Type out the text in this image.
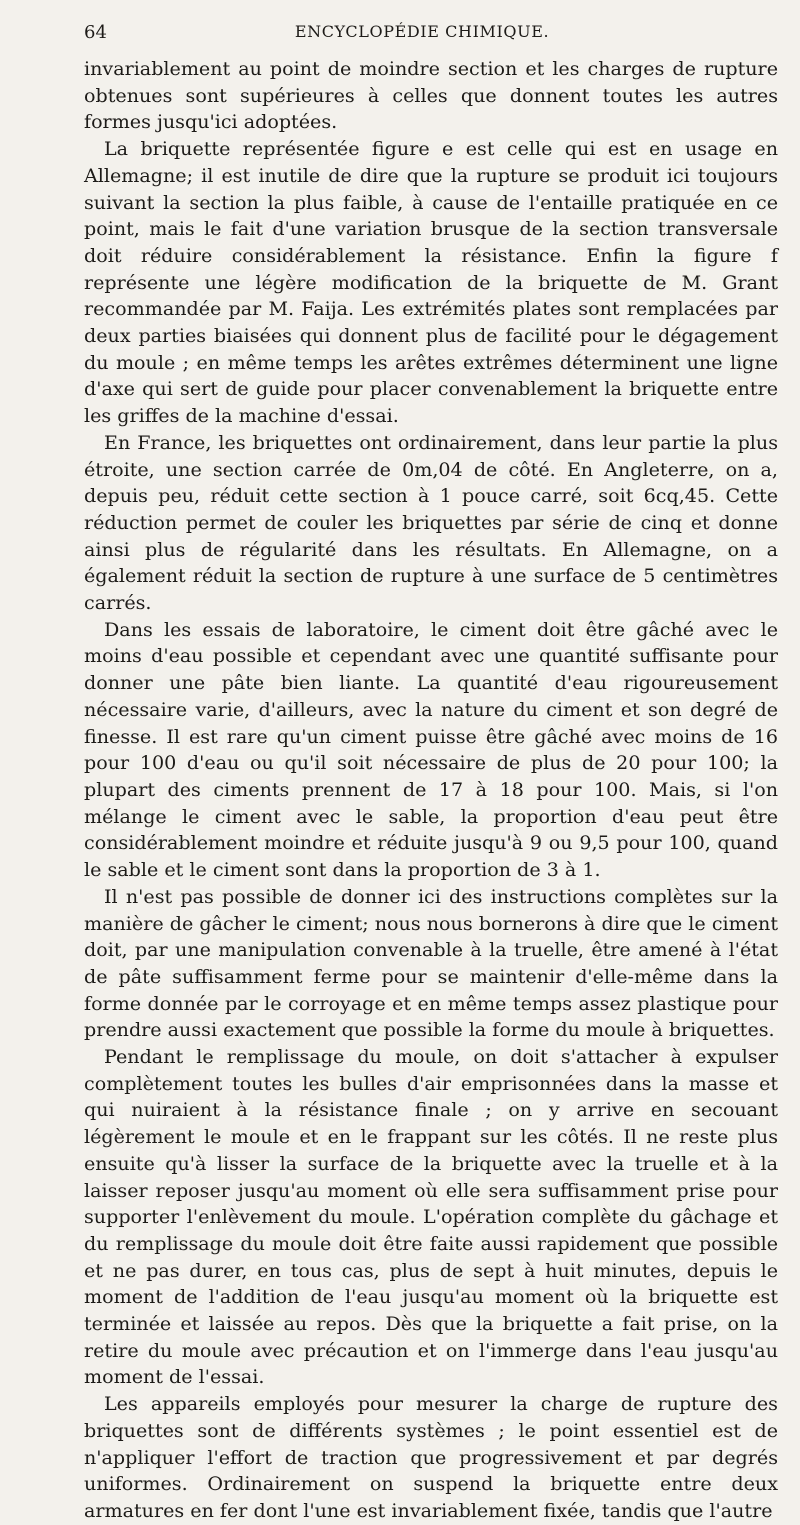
64	ENCYCLOPÉDIE CHIMIQUE.

invariablement au point de moindre section et les charges de rupture obtenues sont supérieures à celles que donnent toutes les autres formes jusqu'ici adoptées.

La briquette représentée figure e est celle qui est en usage en Allemagne; il est inutile de dire que la rupture se produit ici toujours suivant la section la plus faible, à cause de l'entaille pratiquée en ce point, mais le fait d'une variation brusque de la section transversale doit réduire considérablement la résistance. Enfin la figure f représente une légère modification de la briquette de M. Grant recommandée par M. Faija. Les extrémités plates sont remplacées par deux parties biaisées qui donnent plus de facilité pour le dégagement du moule ; en même temps les arêtes extrêmes déterminent une ligne d'axe qui sert de guide pour placer convenablement la briquette entre les griffes de la machine d'essai.

En France, les briquettes ont ordinairement, dans leur partie la plus étroite, une section carrée de 0m,04 de côté. En Angleterre, on a, depuis peu, réduit cette section à 1 pouce carré, soit 6cq,45. Cette réduction permet de couler les briquettes par série de cinq et donne ainsi plus de régularité dans les résultats. En Allemagne, on a également réduit la section de rupture à une surface de 5 centimètres carrés.

Dans les essais de laboratoire, le ciment doit être gâché avec le moins d'eau possible et cependant avec une quantité suffisante pour donner une pâte bien liante. La quantité d'eau rigoureusement nécessaire varie, d'ailleurs, avec la nature du ciment et son degré de finesse. Il est rare qu'un ciment puisse être gâché avec moins de 16 pour 100 d'eau ou qu'il soit nécessaire de plus de 20 pour 100; la plupart des ciments prennent de 17 à 18 pour 100. Mais, si l'on mélange le ciment avec le sable, la proportion d'eau peut être considérablement moindre et réduite jusqu'à 9 ou 9,5 pour 100, quand le sable et le ciment sont dans la proportion de 3 à 1.

Il n'est pas possible de donner ici des instructions complètes sur la manière de gâcher le ciment; nous nous bornerons à dire que le ciment doit, par une manipulation convenable à la truelle, être amené à l'état de pâte suffisamment ferme pour se maintenir d'elle-même dans la forme donnée par le corroyage et en même temps assez plastique pour prendre aussi exactement que possible la forme du moule à briquettes.

Pendant le remplissage du moule, on doit s'attacher à expulser complètement toutes les bulles d'air emprisonnées dans la masse et qui nuiraient à la résistance finale ; on y arrive en secouant légèrement le moule et en le frappant sur les côtés. Il ne reste plus ensuite qu'à lisser la surface de la briquette avec la truelle et à la laisser reposer jusqu'au moment où elle sera suffisamment prise pour supporter l'enlèvement du moule. L'opération complète du gâchage et du remplissage du moule doit être faite aussi rapidement que possible et ne pas durer, en tous cas, plus de sept à huit minutes, depuis le moment de l'addition de l'eau jusqu'au moment où la briquette est terminée et laissée au repos. Dès que la briquette a fait prise, on la retire du moule avec précaution et on l'immerge dans l'eau jusqu'au moment de l'essai.

Les appareils employés pour mesurer la charge de rupture des briquettes sont de différents systèmes ; le point essentiel est de n'appliquer l'effort de traction que progressivement et par degrés uniformes. Ordinairement on suspend la briquette entre deux armatures en fer dont l'une est invariablement fixée, tandis que l'autre
